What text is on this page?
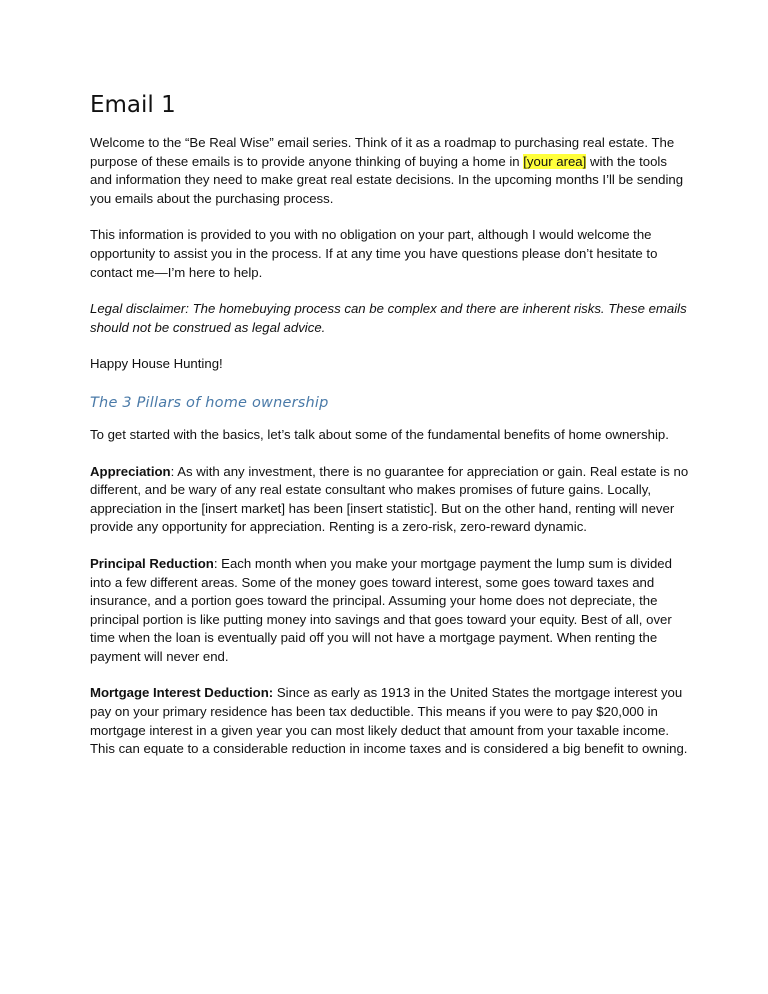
Email 1

Welcome to the “Be Real Wise” email series. Think of it as a roadmap to purchasing real estate. The purpose of these emails is to provide anyone thinking of buying a home in [your area] with the tools and information they need to make great real estate decisions. In the upcoming months I’ll be sending you emails about the purchasing process.

This information is provided to you with no obligation on your part, although I would welcome the opportunity to assist you in the process. If at any time you have questions please don’t hesitate to contact me—I’m here to help.

Legal disclaimer: The homebuying process can be complex and there are inherent risks. These emails should not be construed as legal advice.

Happy House Hunting!

The 3 Pillars of home ownership

To get started with the basics, let’s talk about some of the fundamental benefits of home ownership.

Appreciation: As with any investment, there is no guarantee for appreciation or gain. Real estate is no different, and be wary of any real estate consultant who makes promises of future gains. Locally, appreciation in the [insert market] has been [insert statistic]. But on the other hand, renting will never provide any opportunity for appreciation. Renting is a zero-risk, zero-reward dynamic.

Principal Reduction: Each month when you make your mortgage payment the lump sum is divided into a few different areas. Some of the money goes toward interest, some goes toward taxes and insurance, and a portion goes toward the principal. Assuming your home does not depreciate, the principal portion is like putting money into savings and that goes toward your equity. Best of all, over time when the loan is eventually paid off you will not have a mortgage payment. When renting the payment will never end.

Mortgage Interest Deduction: Since as early as 1913 in the United States the mortgage interest you pay on your primary residence has been tax deductible. This means if you were to pay $20,000 in mortgage interest in a given year you can most likely deduct that amount from your taxable income. This can equate to a considerable reduction in income taxes and is considered a big benefit to owning.
